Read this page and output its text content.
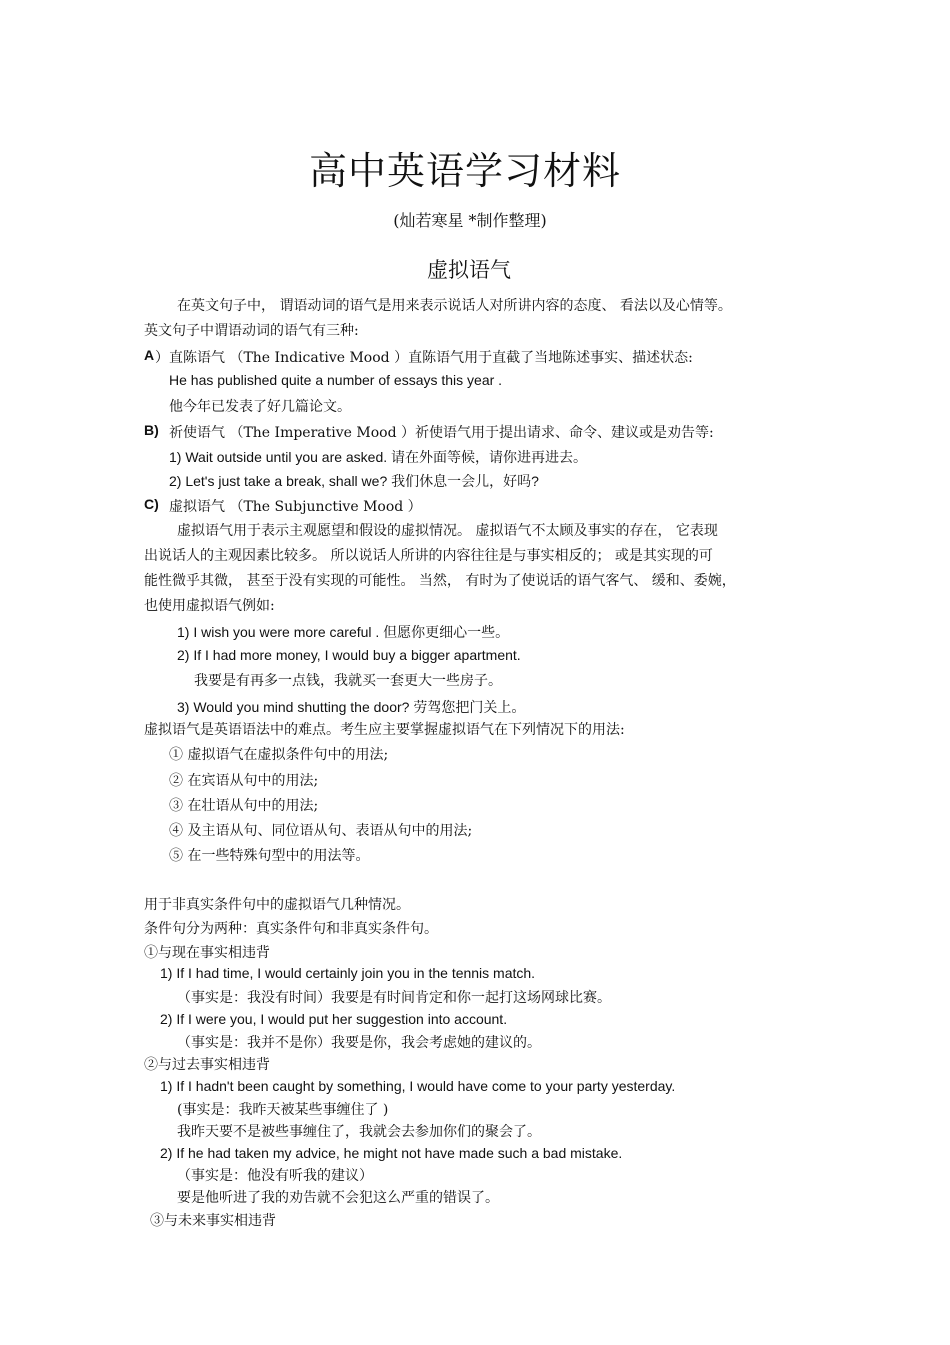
高中英语学习材料
(灿若寒星 *制作整理)
虚拟语气
在英文句子中， 谓语动词的语气是用来表示说话人对所讲内容的态度、 看法以及心情等。
英文句子中谓语动词的语气有三种:
A ）直陈语气 （The Indicative Mood ）直陈语气用于直截了当地陈述事实、描述状态:
He has published quite a number of essays this year .
他今年已发表了好几篇论文。
B) 祈使语气 （The Imperative Mood ）祈使语气用于提出请求、命令、建议或是劝告等:
1) Wait outside until you are asked. 请在外面等候，请你进再进去。
2) Let's just take a break, shall we? 我们休息一会儿，好吗?
C) 虚拟语气 （The Subjunctive Mood ）
虚拟语气用于表示主观愿望和假设的虚拟情况。 虚拟语气不太顾及事实的存在， 它表现
出说话人的主观因素比较多。 所以说话人所讲的内容往往是与事实相反的； 或是其实现的可
能性微乎其微， 甚至于没有实现的可能性。 当然， 有时为了使说话的语气客气、 缓和、委婉，
也使用虚拟语气例如:
1) I wish you were more careful . 但愿你更细心一些。
2) If I had more money, I would buy a bigger apartment.
我要是有再多一点钱，我就买一套更大一些房子。
3) Would you mind shutting the door? 劳驾您把门关上。
虚拟语气是英语语法中的难点。考生应主要掌握虚拟语气在下列情况下的用法:
① 虚拟语气在虚拟条件句中的用法;
② 在宾语从句中的用法;
③ 在壮语从句中的用法;
④ 及主语从句、同位语从句、表语从句中的用法;
⑤ 在一些特殊句型中的用法等。
用于非真实条件句中的虚拟语气几种情况。
条件句分为两种：真实条件句和非真实条件句。
①与现在事实相违背
1) If I had time, I would certainly join you in the tennis match.
（事实是：我没有时间）我要是有时间肯定和你一起打这场网球比赛。
2) If I were you, I would put her suggestion into account.
（事实是：我并不是你）我要是你，我会考虑她的建议的。
②与过去事实相违背
1) If I hadn't been caught by something, I would have come to your party yesterday.
(事实是：我昨天被某些事缠住了 )
我昨天要不是被些事缠住了，我就会去参加你们的聚会了。
2) If he had taken my advice, he might not have made such a bad mistake.
（事实是：他没有听我的建议）
要是他听进了我的劝告就不会犯这么严重的错误了。
③与未来事实相违背
